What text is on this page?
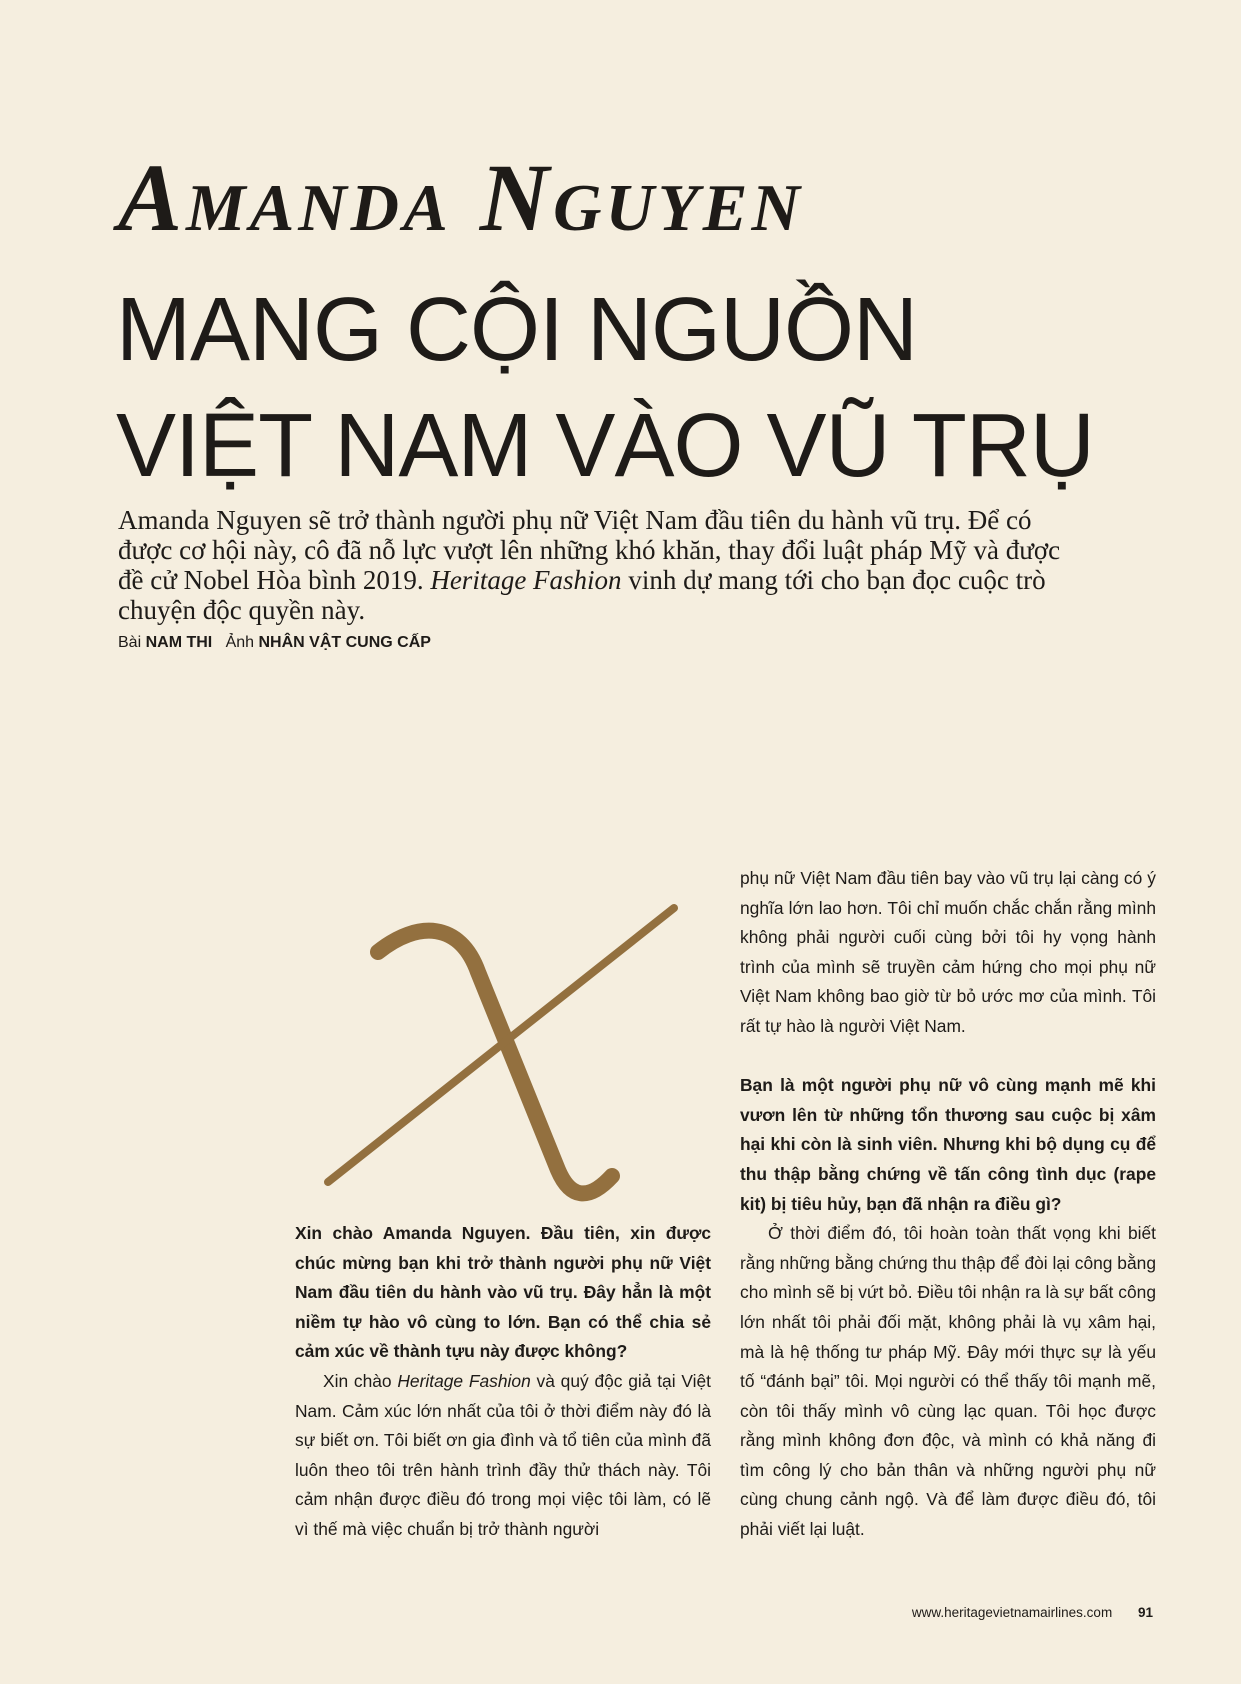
Amanda Nguyen
MANG CỘI NGUỒN
VIỆT NAM VÀO VŨ TRỤ

Amanda Nguyen sẽ trở thành người phụ nữ Việt Nam đầu tiên du hành vũ trụ. Để có được cơ hội này, cô đã nỗ lực vượt lên những khó khăn, thay đổi luật pháp Mỹ và được đề cử Nobel Hòa bình 2019. Heritage Fashion vinh dự mang tới cho bạn đọc cuộc trò chuyện độc quyền này.

Bài NAM THI Ảnh NHÂN VẬT CUNG CẤP
X

Xin chào Amanda Nguyen. Đầu tiên, xin được chúc mừng bạn khi trở thành người phụ nữ Việt Nam đầu tiên du hành vào vũ trụ. Đây hẳn là một niềm tự hào vô cùng to lớn. Bạn có thể chia sẻ cảm xúc về thành tựu này được không?

Xin chào Heritage Fashion và quý độc giả tại Việt Nam. Cảm xúc lớn nhất của tôi ở thời điểm này đó là sự biết ơn. Tôi biết ơn gia đình và tổ tiên của mình đã luôn theo tôi trên hành trình đầy thử thách này. Tôi cảm nhận được điều đó trong mọi việc tôi làm, có lẽ vì thế mà việc chuẩn bị trở thành người

phụ nữ Việt Nam đầu tiên bay vào vũ trụ lại càng có ý nghĩa lớn lao hơn. Tôi chỉ muốn chắc chắn rằng mình không phải người cuối cùng bởi tôi hy vọng hành trình của mình sẽ truyền cảm hứng cho mọi phụ nữ Việt Nam không bao giờ từ bỏ ước mơ của mình. Tôi rất tự hào là người Việt Nam.

Bạn là một người phụ nữ vô cùng mạnh mẽ khi vươn lên từ những tổn thương sau cuộc bị xâm hại khi còn là sinh viên. Nhưng khi bộ dụng cụ để thu thập bằng chứng về tấn công tình dục (rape kit) bị tiêu hủy, bạn đã nhận ra điều gì?

Ở thời điểm đó, tôi hoàn toàn thất vọng khi biết rằng những bằng chứng thu thập để đòi lại công bằng cho mình sẽ bị vứt bỏ. Điều tôi nhận ra là sự bất công lớn nhất tôi phải đối mặt, không phải là vụ xâm hại, mà là hệ thống tư pháp Mỹ. Đây mới thực sự là yếu tố “đánh bại” tôi. Mọi người có thể thấy tôi mạnh mẽ, còn tôi thấy mình vô cùng lạc quan. Tôi học được rằng mình không đơn độc, và mình có khả năng đi tìm công lý cho bản thân và những người phụ nữ cùng chung cảnh ngộ. Và để làm được điều đó, tôi phải viết lại luật.

www.heritagevietnamairlines.com 91
